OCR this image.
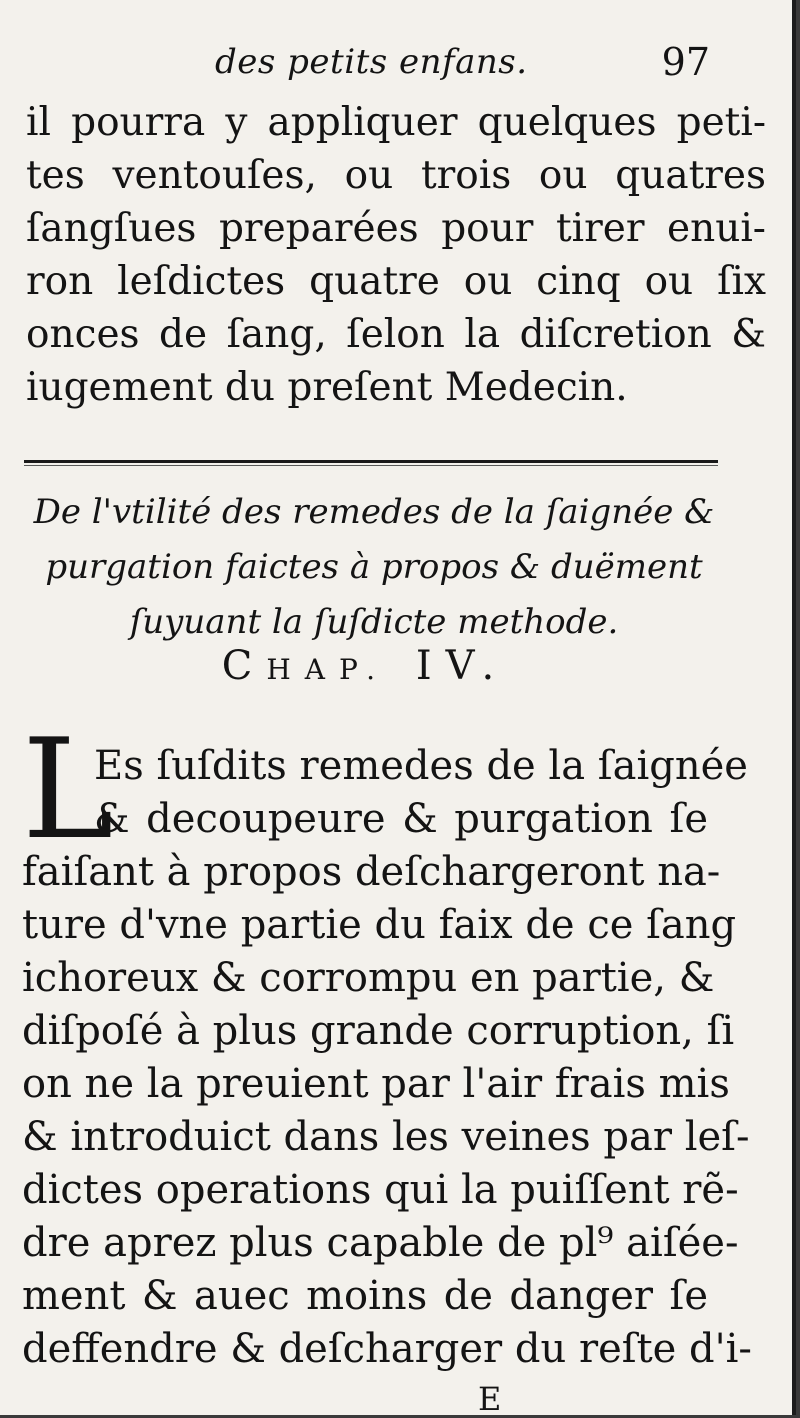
des petits enfans.	97
il pourra y appliquer quelques peti-
tes ventouſes, ou trois ou quatres
ſangſues preparées pour tirer enui-
ron leſdictes quatre ou cinq ou ſix
onces de ſang, ſelon la diſcretion &
iugement du preſent Medecin.
De l'vtilité des remedes de la ſaignée &
purgation faictes à propos & duëment
ſuyuant la ſuſdicte methode.
CHAP. IV.
L
Es ſuſdits remedes de la ſaignée
& decoupeure & purgation ſe
faiſant à propos deſchargeront na-
ture d'vne partie du faix de ce ſang
ichoreux & corrompu en partie, &
diſpoſé à plus grande corruption, ſi
on ne la preuient par l'air frais mis
& introduict dans les veines par leſ-
dictes operations qui la puiſſent rẽ-
dre aprez plus capable de pl⁹ aiſée-
ment & auec moins de danger ſe
deffendre & deſcharger du reſte d'i-
E
